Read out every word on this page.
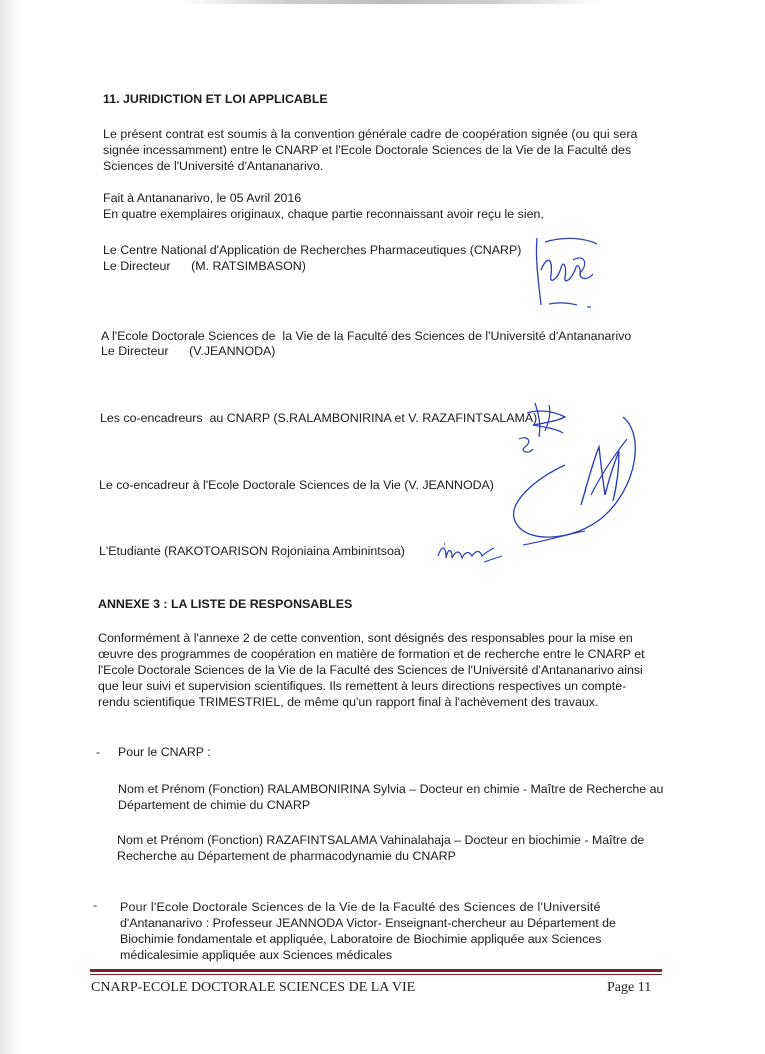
11. JURIDICTION ET LOI APPLICABLE
Le présent contrat est soumis à la convention générale cadre de coopération signée (ou qui sera
signée incessamment) entre le CNARP et l'Ecole Doctorale Sciences de la Vie de la Faculté des
Sciences de l'Université d'Antananarivo.
Fait à Antananarivo, le 05 Avril 2016
En quatre exemplaires originaux, chaque partie reconnaissant avoir reçu le sien,
Le Centre National d'Application de Recherches Pharmaceutiques (CNARP)
Le Directeur      (M. RATSIMBASON)
A l'Ecole Doctorale Sciences de  la Vie de la Faculté des Sciences de l'Université d'Antananarivo
Le Directeur      (V.JEANNODA)
Les co-encadreurs  au CNARP (S.RALAMBONIRINA et V. RAZAFINTSALAMA)
Le co-encadreur à l'Ecole Doctorale Sciences de la Vie (V. JEANNODA)
L'Etudiante (RAKOTOARISON Rojoniaina Ambinintsoa)
ANNEXE 3 : LA LISTE DE RESPONSABLES
Conformément à l'annexe 2 de cette convention, sont désignés des responsables pour la mise en
œuvre des programmes de coopération en matière de formation et de recherche entre le CNARP et
l'Ecole Doctorale Sciences de la Vie de la Faculté des Sciences de l'Université d'Antananarivo ainsi
que leur suivi et supervision scientifiques. Ils remettent à leurs directions respectives un compte-
rendu scientifique TRIMESTRIEL, de même qu'un rapport final à l'achèvement des travaux.
- Pour le CNARP :
Nom et Prénom (Fonction) RALAMBONIRINA Sylvia – Docteur en chimie - Maître de Recherche au
Département de chimie du CNARP
Nom et Prénom (Fonction) RAZAFINTSALAMA Vahinalahaja – Docteur en biochimie - Maître de
Recherche au Département de pharmacodynamie du CNARP
- Pour l'Ecole Doctorale Sciences de la Vie de la Faculté des Sciences de l'Université
d'Antananarivo : Professeur JEANNODA Victor- Enseignant-chercheur au Département de
Biochimie fondamentale et appliquée, Laboratoire de Biochimie appliquée aux Sciences
médicalesimie appliquée aux Sciences médicales
CNARP-ECOLE DOCTORALE SCIENCES DE LA VIE	Page 11
